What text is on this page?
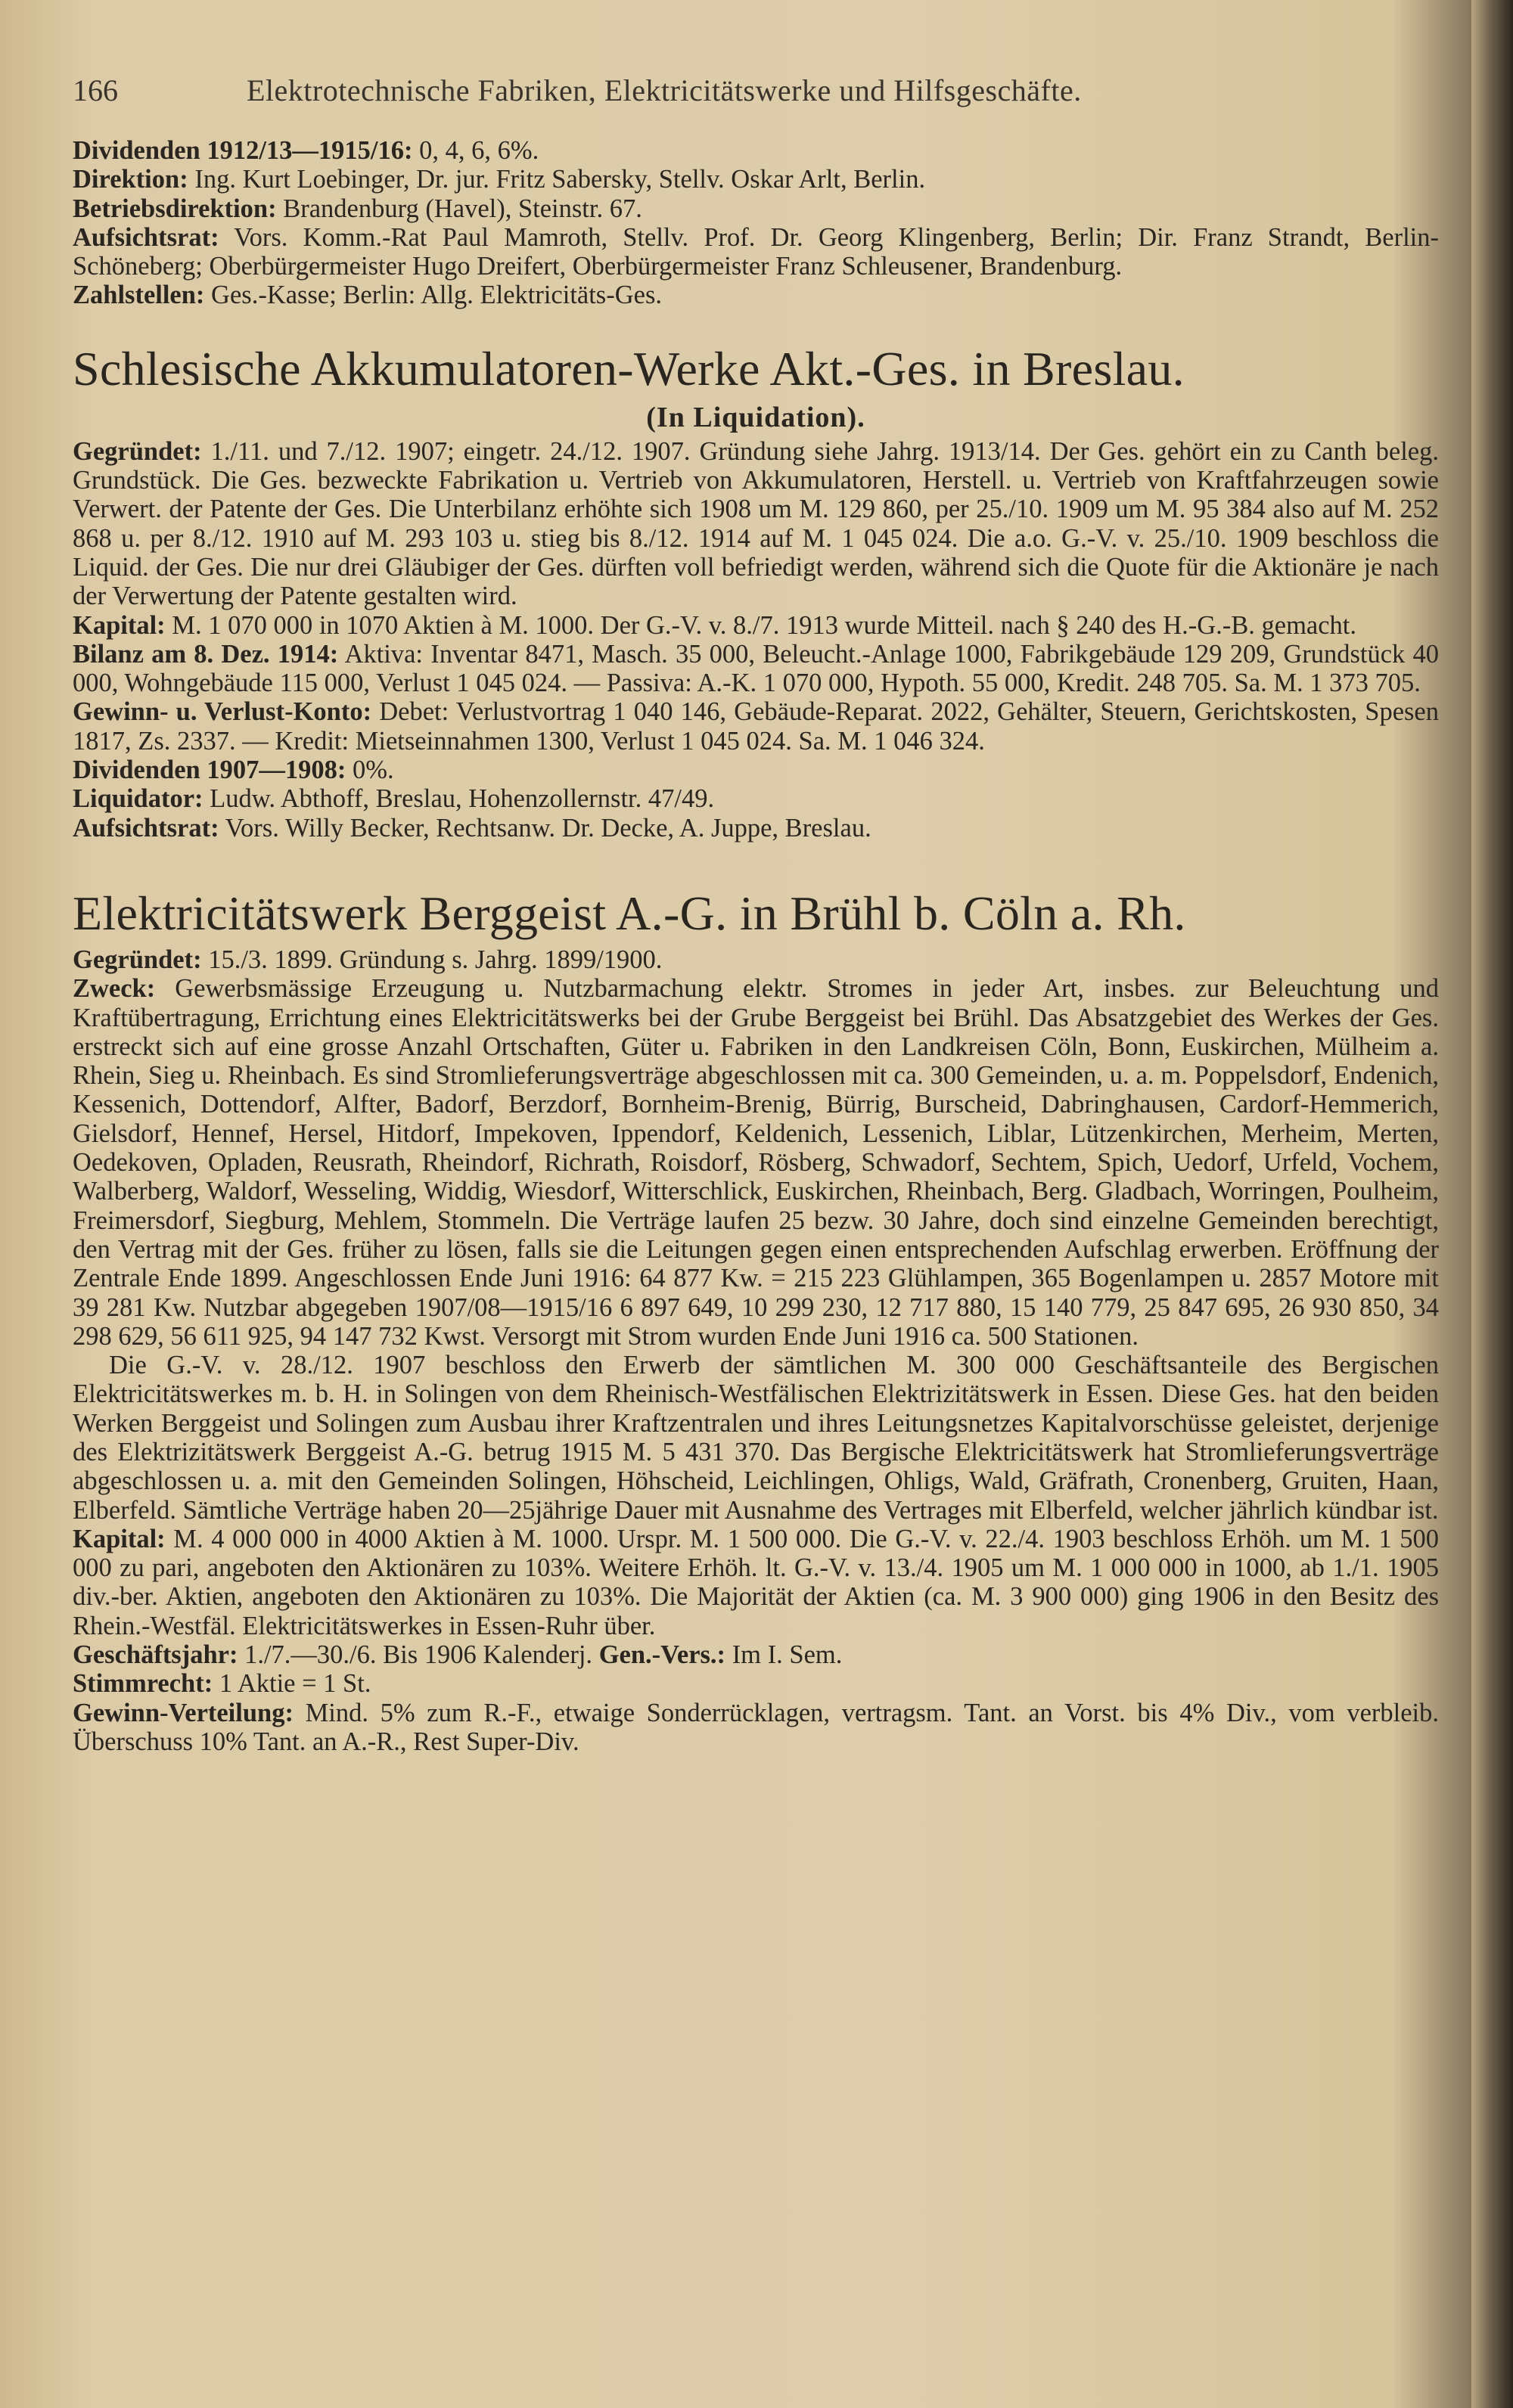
166	Elektrotechnische Fabriken, Elektricitätswerke und Hilfsgeschäfte.

Dividenden 1912/13—1915/16: 0, 4, 6, 6%.

Direktion: Ing. Kurt Loebinger, Dr. jur. Fritz Sabersky, Stellv. Oskar Arlt, Berlin.

Betriebsdirektion: Brandenburg (Havel), Steinstr. 67.

Aufsichtsrat: Vors. Komm.-Rat Paul Mamroth, Stellv. Prof. Dr. Georg Klingenberg, Berlin; Dir. Franz Strandt, Berlin-Schöneberg; Oberbürgermeister Hugo Dreifert, Oberbürgermeister Franz Schleusener, Brandenburg.

Zahlstellen: Ges.-Kasse; Berlin: Allg. Elektricitäts-Ges.

Schlesische Akkumulatoren-Werke Akt.-Ges. in Breslau.
(In Liquidation).

Gegründet: 1./11. und 7./12. 1907; eingetr. 24./12. 1907. Gründung siehe Jahrg. 1913/14. Der Ges. gehört ein zu Canth beleg. Grundstück. Die Ges. bezweckte Fabrikation u. Vertrieb von Akkumulatoren, Herstell. u. Vertrieb von Kraftfahrzeugen sowie Verwert. der Patente der Ges. Die Unterbilanz erhöhte sich 1908 um M. 129 860, per 25./10. 1909 um M. 95 384 also auf M. 252 868 u. per 8./12. 1910 auf M. 293 103 u. stieg bis 8./12. 1914 auf M. 1 045 024. Die a.o. G.-V. v. 25./10. 1909 beschloss die Liquid. der Ges. Die nur drei Gläubiger der Ges. dürften voll befriedigt werden, während sich die Quote für die Aktionäre je nach der Verwertung der Patente gestalten wird.

Kapital: M. 1 070 000 in 1070 Aktien à M. 1000. Der G.-V. v. 8./7. 1913 wurde Mitteil. nach § 240 des H.-G.-B. gemacht.

Bilanz am 8. Dez. 1914: Aktiva: Inventar 8471, Masch. 35 000, Beleucht.-Anlage 1000, Fabrikgebäude 129 209, Grundstück 40 000, Wohngebäude 115 000, Verlust 1 045 024. — Passiva: A.-K. 1 070 000, Hypoth. 55 000, Kredit. 248 705. Sa. M. 1 373 705.

Gewinn- u. Verlust-Konto: Debet: Verlustvortrag 1 040 146, Gebäude-Reparat. 2022, Gehälter, Steuern, Gerichtskosten, Spesen 1817, Zs. 2337. — Kredit: Mietseinnahmen 1300, Verlust 1 045 024. Sa. M. 1 046 324.

Dividenden 1907—1908: 0%.

Liquidator: Ludw. Abthoff, Breslau, Hohenzollernstr. 47/49.

Aufsichtsrat: Vors. Willy Becker, Rechtsanw. Dr. Decke, A. Juppe, Breslau.

Elektricitätswerk Berggeist A.-G. in Brühl b. Cöln a. Rh.

Gegründet: 15./3. 1899. Gründung s. Jahrg. 1899/1900.

Zweck: Gewerbsmässige Erzeugung u. Nutzbarmachung elektr. Stromes in jeder Art, insbes. zur Beleuchtung und Kraftübertragung, Errichtung eines Elektricitätswerks bei der Grube Berggeist bei Brühl. Das Absatzgebiet des Werkes der Ges. erstreckt sich auf eine grosse Anzahl Ortschaften, Güter u. Fabriken in den Landkreisen Cöln, Bonn, Euskirchen, Mülheim a. Rhein, Sieg u. Rheinbach. Es sind Stromlieferungsverträge abgeschlossen mit ca. 300 Gemeinden, u. a. m. Poppelsdorf, Endenich, Kessenich, Dottendorf, Alfter, Badorf, Berzdorf, Bornheim-Brenig, Bürrig, Burscheid, Dabringhausen, Cardorf-Hemmerich, Gielsdorf, Hennef, Hersel, Hitdorf, Impekoven, Ippendorf, Keldenich, Lessenich, Liblar, Lützenkirchen, Merheim, Merten, Oedekoven, Opladen, Reusrath, Rheindorf, Richrath, Roisdorf, Rösberg, Schwadorf, Sechtem, Spich, Uedorf, Urfeld, Vochem, Walberberg, Waldorf, Wesseling, Widdig, Wiesdorf, Witterschlick, Euskirchen, Rheinbach, Berg. Gladbach, Worringen, Poulheim, Freimersdorf, Siegburg, Mehlem, Stommeln. Die Verträge laufen 25 bezw. 30 Jahre, doch sind einzelne Gemeinden berechtigt, den Vertrag mit der Ges. früher zu lösen, falls sie die Leitungen gegen einen entsprechenden Aufschlag erwerben. Eröffnung der Zentrale Ende 1899. Angeschlossen Ende Juni 1916: 64 877 Kw. = 215 223 Glühlampen, 365 Bogenlampen u. 2857 Motore mit 39 281 Kw. Nutzbar abgegeben 1907/08—1915/16 6 897 649, 10 299 230, 12 717 880, 15 140 779, 25 847 695, 26 930 850, 34 298 629, 56 611 925, 94 147 732 Kwst. Versorgt mit Strom wurden Ende Juni 1916 ca. 500 Stationen.

Die G.-V. v. 28./12. 1907 beschloss den Erwerb der sämtlichen M. 300 000 Geschäftsanteile des Bergischen Elektricitätswerkes m. b. H. in Solingen von dem Rheinisch-Westfälischen Elektrizitätswerk in Essen. Diese Ges. hat den beiden Werken Berggeist und Solingen zum Ausbau ihrer Kraftzentralen und ihres Leitungsnetzes Kapitalvorschüsse geleistet, derjenige des Elektrizitätswerk Berggeist A.-G. betrug 1915 M. 5 431 370. Das Bergische Elektricitätswerk hat Stromlieferungsverträge abgeschlossen u. a. mit den Gemeinden Solingen, Höhscheid, Leichlingen, Ohligs, Wald, Gräfrath, Cronenberg, Gruiten, Haan, Elberfeld. Sämtliche Verträge haben 20—25jährige Dauer mit Ausnahme des Vertrages mit Elberfeld, welcher jährlich kündbar ist.

Kapital: M. 4 000 000 in 4000 Aktien à M. 1000. Urspr. M. 1 500 000. Die G.-V. v. 22./4. 1903 beschloss Erhöh. um M. 1 500 000 zu pari, angeboten den Aktionären zu 103%. Weitere Erhöh. lt. G.-V. v. 13./4. 1905 um M. 1 000 000 in 1000, ab 1./1. 1905 div.-ber. Aktien, angeboten den Aktionären zu 103%. Die Majorität der Aktien (ca. M. 3 900 000) ging 1906 in den Besitz des Rhein.-Westfäl. Elektricitätswerkes in Essen-Ruhr über.

Geschäftsjahr: 1./7.—30./6. Bis 1906 Kalenderj. Gen.-Vers.: Im I. Sem.

Stimmrecht: 1 Aktie = 1 St.

Gewinn-Verteilung: Mind. 5% zum R.-F., etwaige Sonderrücklagen, vertragsm. Tant. an Vorst. bis 4% Div., vom verbleib. Überschuss 10% Tant. an A.-R., Rest Super-Div.
